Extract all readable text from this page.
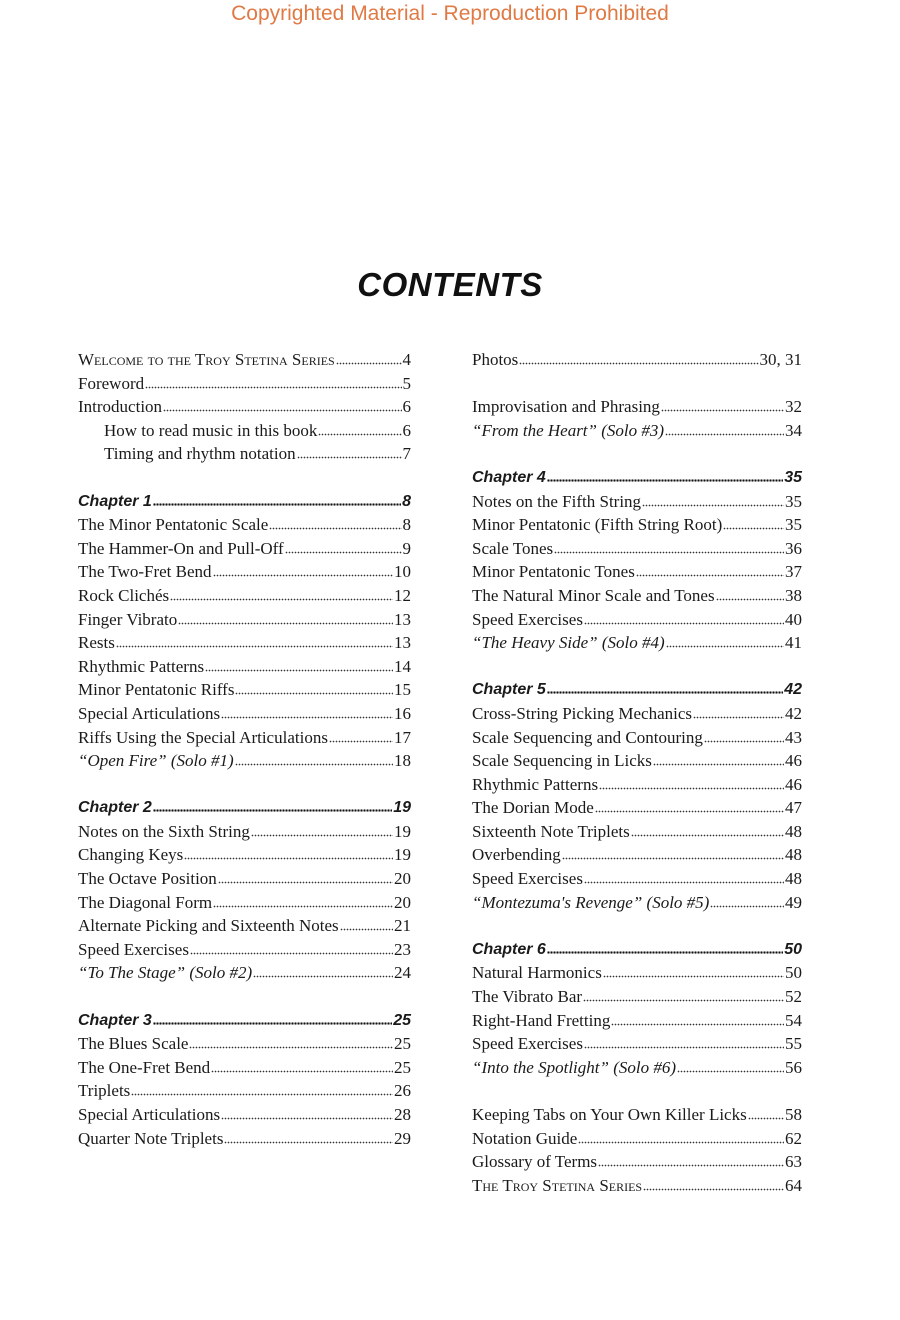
Copyrighted Material - Reproduction Prohibited
CONTENTS
Welcome to the Troy Stetina Series	4
Foreword	5
Introduction	6
How to read music in this book	6
Timing and rhythm notation	7
Chapter 1	8
The Minor Pentatonic Scale	8
The Hammer-On and Pull-Off	9
The Two-Fret Bend	10
Rock Clichés	12
Finger Vibrato	13
Rests	13
Rhythmic Patterns	14
Minor Pentatonic Riffs	15
Special Articulations	16
Riffs Using the Special Articulations	17
“Open Fire” (Solo #1)	18
Chapter 2	19
Notes on the Sixth String	19
Changing Keys	19
The Octave Position	20
The Diagonal Form	20
Alternate Picking and Sixteenth Notes	21
Speed Exercises	23
“To The Stage” (Solo #2)	24
Chapter 3	25
The Blues Scale	25
The One-Fret Bend	25
Triplets	26
Special Articulations	28
Quarter Note Triplets	29
Photos	30, 31
Improvisation and Phrasing	32
“From the Heart” (Solo #3)	34
Chapter 4	35
Notes on the Fifth String	35
Minor Pentatonic (Fifth String Root)	35
Scale Tones	36
Minor Pentatonic Tones	37
The Natural Minor Scale and Tones	38
Speed Exercises	40
“The Heavy Side” (Solo #4)	41
Chapter 5	42
Cross-String Picking Mechanics	42
Scale Sequencing and Contouring	43
Scale Sequencing in Licks	46
Rhythmic Patterns	46
The Dorian Mode	47
Sixteenth Note Triplets	48
Overbending	48
Speed Exercises	48
“Montezuma's Revenge” (Solo #5)	49
Chapter 6	50
Natural Harmonics	50
The Vibrato Bar	52
Right-Hand Fretting	54
Speed Exercises	55
“Into the Spotlight” (Solo #6)	56
Keeping Tabs on Your Own Killer Licks 58
Notation Guide	62
Glossary of Terms	63
The Troy Stetina Series	64
